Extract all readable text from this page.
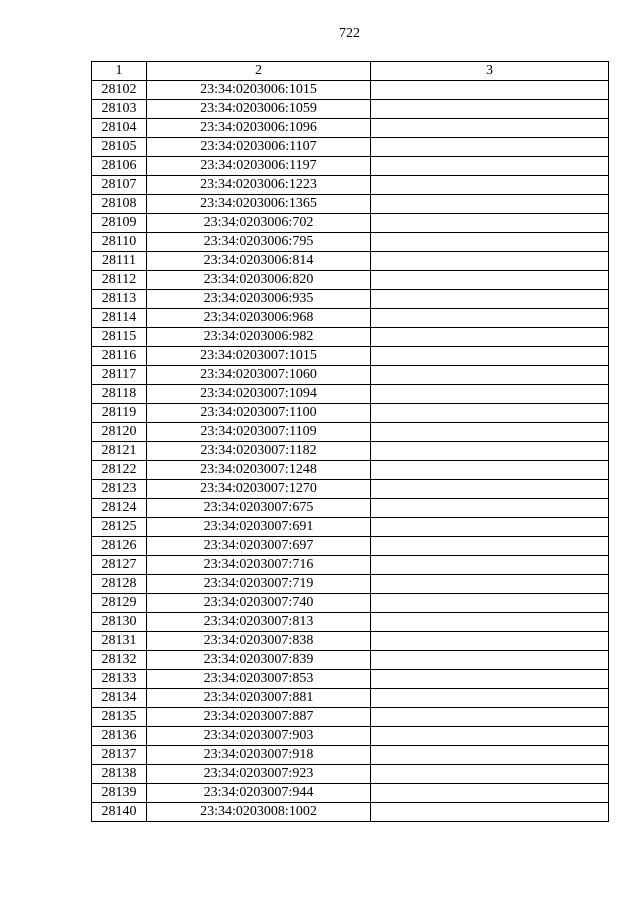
722
1	2	3
28102	23:34:0203006:1015	
28103	23:34:0203006:1059	
28104	23:34:0203006:1096	
28105	23:34:0203006:1107	
28106	23:34:0203006:1197	
28107	23:34:0203006:1223	
28108	23:34:0203006:1365	
28109	23:34:0203006:702	
28110	23:34:0203006:795	
28111	23:34:0203006:814	
28112	23:34:0203006:820	
28113	23:34:0203006:935	
28114	23:34:0203006:968	
28115	23:34:0203006:982	
28116	23:34:0203007:1015	
28117	23:34:0203007:1060	
28118	23:34:0203007:1094	
28119	23:34:0203007:1100	
28120	23:34:0203007:1109	
28121	23:34:0203007:1182	
28122	23:34:0203007:1248	
28123	23:34:0203007:1270	
28124	23:34:0203007:675	
28125	23:34:0203007:691	
28126	23:34:0203007:697	
28127	23:34:0203007:716	
28128	23:34:0203007:719	
28129	23:34:0203007:740	
28130	23:34:0203007:813	
28131	23:34:0203007:838	
28132	23:34:0203007:839	
28133	23:34:0203007:853	
28134	23:34:0203007:881	
28135	23:34:0203007:887	
28136	23:34:0203007:903	
28137	23:34:0203007:918	
28138	23:34:0203007:923	
28139	23:34:0203007:944	
28140	23:34:0203008:1002	
